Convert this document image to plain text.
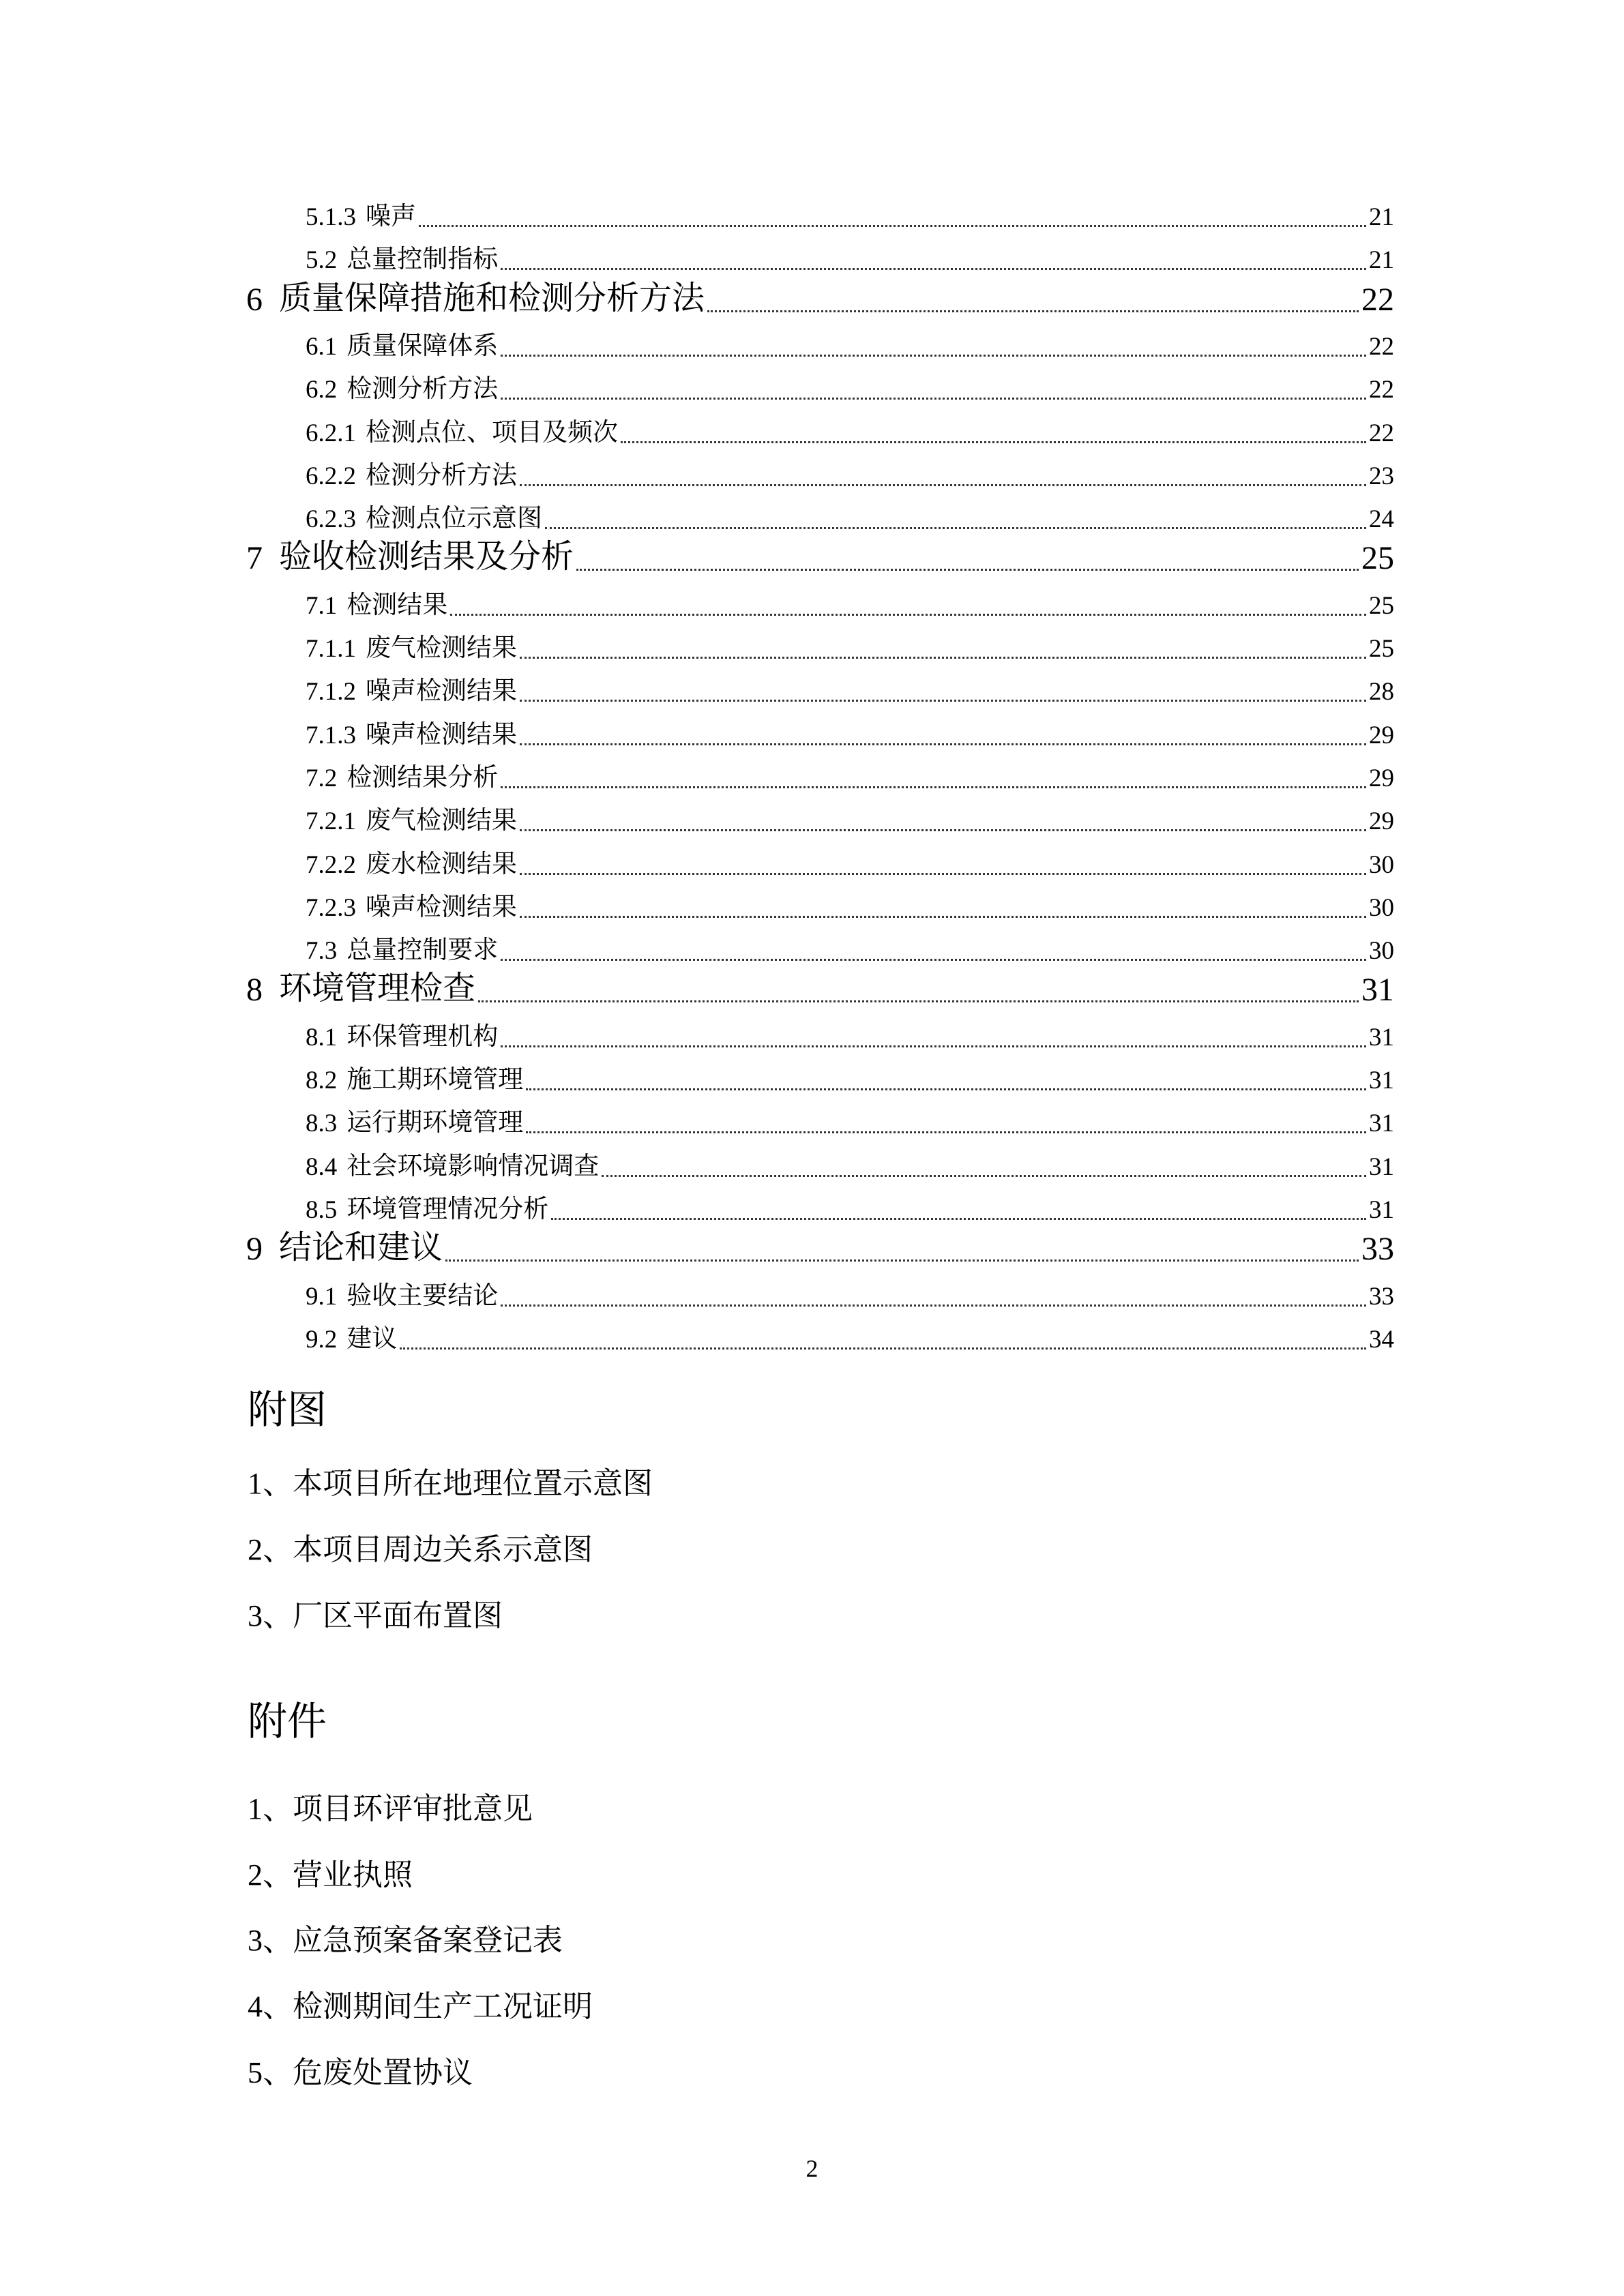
5.1.3 噪声	21
5.2 总量控制指标	21
6 质量保障措施和检测分析方法	22
6.1 质量保障体系	22
6.2 检测分析方法	22
6.2.1 检测点位、项目及频次	22
6.2.2 检测分析方法	23
6.2.3 检测点位示意图	24
7 验收检测结果及分析	25
7.1 检测结果	25
7.1.1 废气检测结果	25
7.1.2 噪声检测结果	28
7.1.3 噪声检测结果	29
7.2 检测结果分析	29
7.2.1 废气检测结果	29
7.2.2 废水检测结果	30
7.2.3 噪声检测结果	30
7.3 总量控制要求	30
8 环境管理检查	31
8.1 环保管理机构	31
8.2 施工期环境管理	31
8.3 运行期环境管理	31
8.4 社会环境影响情况调查	31
8.5 环境管理情况分析	31
9 结论和建议	33
9.1 验收主要结论	33
9.2 建议	34
附图
1、本项目所在地理位置示意图
2、本项目周边关系示意图
3、厂区平面布置图
附件
1、项目环评审批意见
2、营业执照
3、应急预案备案登记表
4、检测期间生产工况证明
5、危废处置协议
2
